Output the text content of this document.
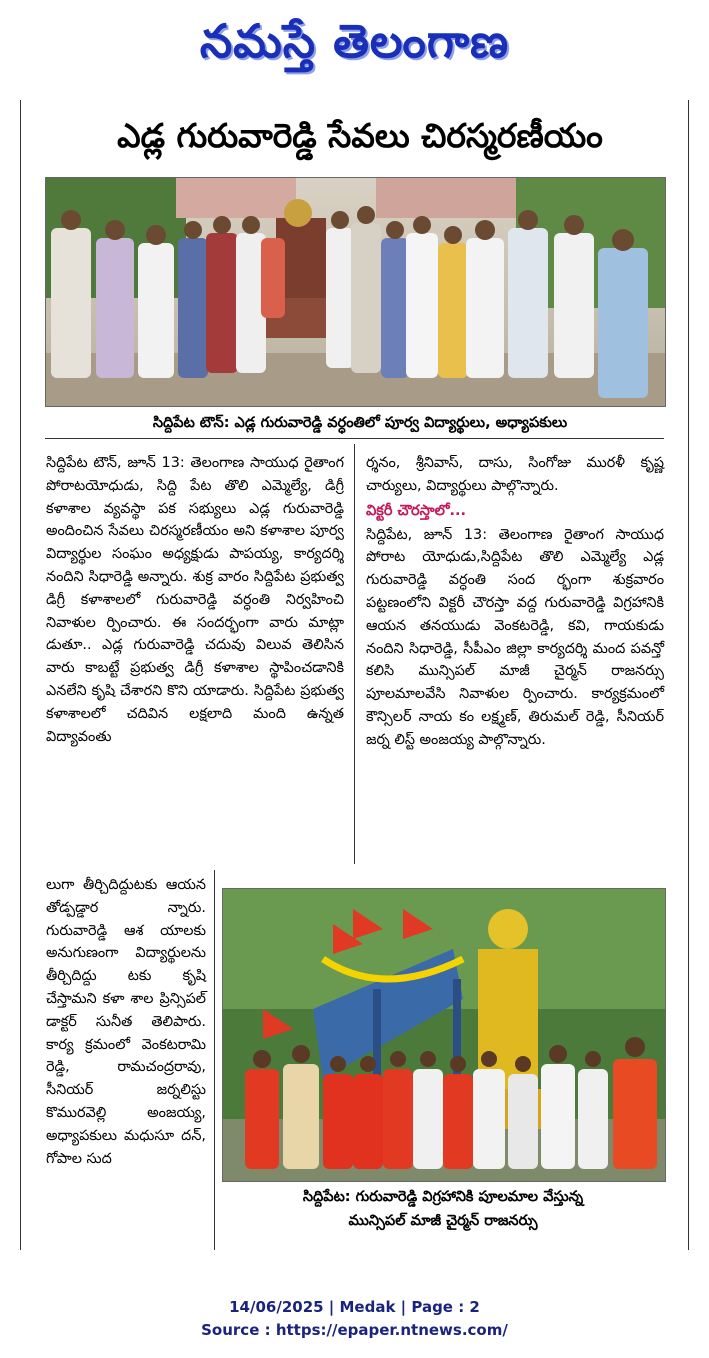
నమస్తే తెలంగాణ
ఎడ్ల గురువారెడ్డి సేవలు చిరస్మరణీయం
సిద్దిపేట టౌన్: ఎడ్ల గురువారెడ్డి వర్ధంతిలో పూర్వ విద్యార్థులు, అధ్యాపకులు

సిద్దిపేట టౌన్, జూన్ 13: తెలంగాణ సాయుధ రైతాంగ పోరాటయోధుడు, సిద్ది పేట తొలి ఎమ్మెల్యే, డిగ్రీ కళాశాల వ్యవస్థా పక సభ్యులు ఎడ్ల గురువారెడ్డి అందించిన సేవలు చిరస్మరణీయం అని కళాశాల పూర్వ విద్యార్థుల సంఘం అధ్యక్షుడు పాపయ్య, కార్యదర్శి నందిని సిధారెడ్డి అన్నారు. శుక్ర వారం సిద్దిపేట ప్రభుత్వ డిగ్రీ కళాశాలలో గురువారెడ్డి వర్ధంతి నిర్వహించి నివాళుల ర్పించారు. ఈ సందర్భంగా వారు మాట్లా డుతూ.. ఎడ్ల గురువారెడ్డి చదువు విలువ తెలిసిన వారు కాబట్టే ప్రభుత్వ డిగ్రీ కళాశాల స్థాపించడానికి ఎనలేని కృషి చేశారని కొని యాడారు. సిద్దిపేట ప్రభుత్వ కళాశాలలో చదివిన లక్షలాది మంది ఉన్నత విద్యావంతు

ర్శనం, శ్రీనివాస్, దాసు, సింగోజు మురళీ కృష్ణ చార్యులు, విద్యార్థులు పాల్గొన్నారు.

విక్టరీ చౌరస్తాలో...

సిద్దిపేట, జూన్ 13: తెలంగాణ రైతాంగ సాయుధ పోరాట యోధుడు,సిద్దిపేట తొలి ఎమ్మెల్యే ఎడ్ల గురువారెడ్డి వర్ధంతి సంద ర్భంగా శుక్రవారం పట్టణంలోని విక్టరీ చౌరస్తా వద్ద గురువారెడ్డి విగ్రహానికి ఆయన తనయుడు వెంకటరెడ్డి, కవి, గాయకుడు నందిని సిధారెడ్డి, సీపీఎం జిల్లా కార్యదర్శి మంద పవన్తో కలిసి మున్సిపల్ మాజీ చైర్మన్ రాజనర్సు పూలమాలవేసి నివాళుల ర్పించారు. కార్యక్రమంలో కౌన్సిలర్ నాయ కం లక్ష్మణ్, తిరుమల్ రెడ్డి, సీనియర్ జర్న లిస్ట్ అంజయ్య పాల్గొన్నారు.

లుగా తీర్చిదిద్దుటకు ఆయన తోడ్పడ్డార న్నారు. గురువారెడ్డి ఆశ యాలకు అనుగుణంగా విద్యార్థులను తీర్చిదిద్దు టకు కృషి చేస్తామని కళా శాల ప్రిన్సిపల్ డాక్టర్ సునీత తెలిపారు. కార్య క్రమంలో వెంకటరామి రెడ్డి, రామచంద్రరావు, సీనియర్ జర్నలిస్టు కొమురవెల్లి అంజయ్య, అధ్యాపకులు మధుసూ దన్, గోపాల సుద

సిద్దిపేట: గురువారెడ్డి విగ్రహానికి పూలమాల వేస్తున్న
మున్సిపల్ మాజీ చైర్మన్ రాజనర్సు
14/06/2025 | Medak | Page : 2
Source : https://epaper.ntnews.com/
